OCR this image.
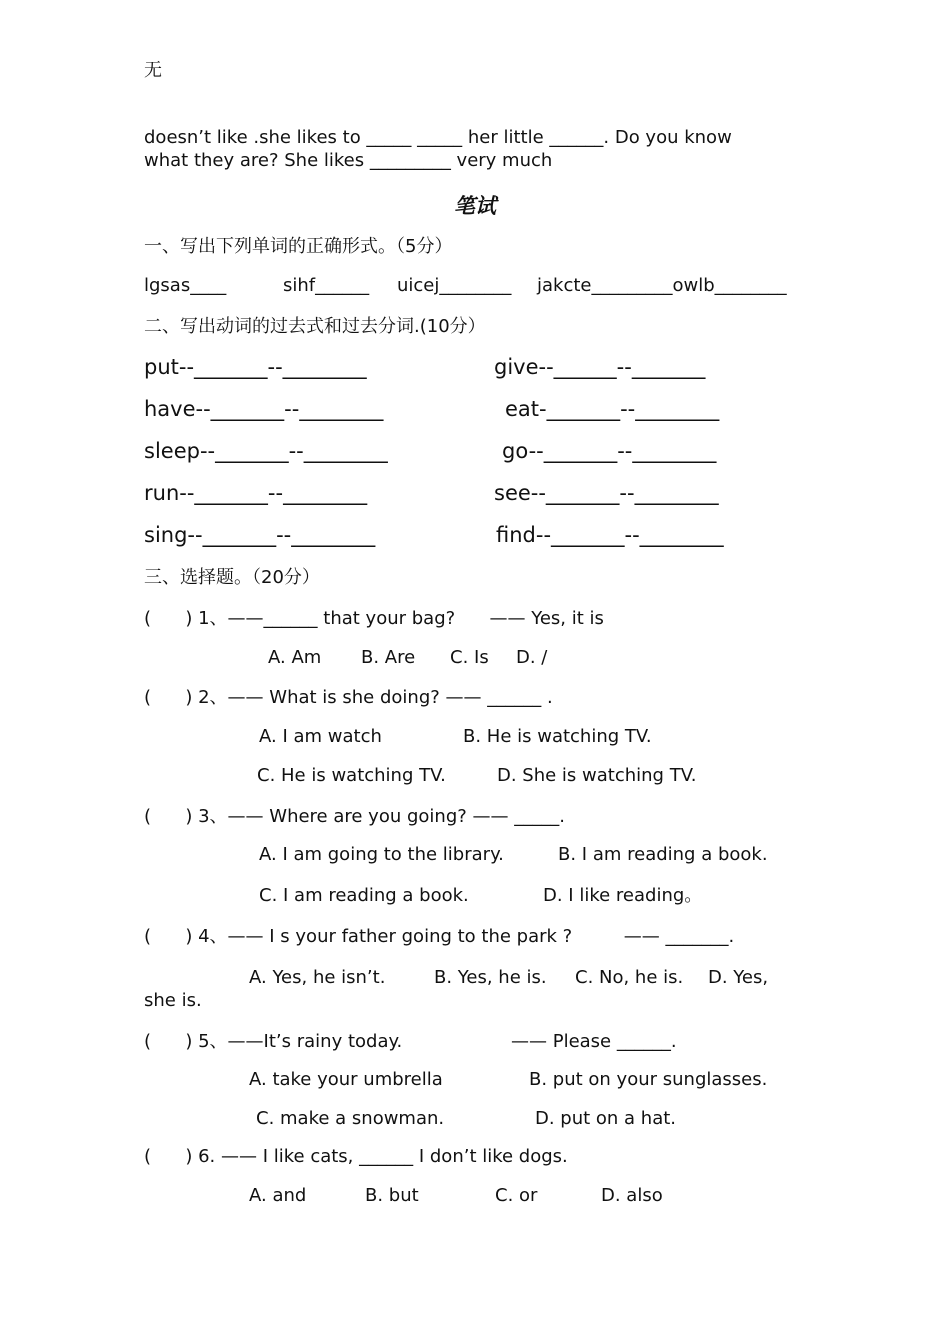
无
doesn’t like .she likes to _____ _____ her little ______. Do you know
what they are? She likes _________ very much
笔试
一、写出下列单词的正确形式。（5分）
lgsas____	sihf______ uicej________ jakcte_________owlb________
二、写出动词的过去式和过去分词.(10分）
put--_______--________	give--______--_______
have--_______--________	eat-_______--________
sleep--_______--________	go--_______--________
run--_______--________	see--_______--________
sing--_______--________	find--_______--________
三、选择题。（20分）
(      ) 1、——______ that your bag?      —— Yes, it is
A. Am B. Are C. Is D. /
(      ) 2、—— What is she doing? —— ______ .
A. I am watch	B. He is watching TV.
C. He is watching TV.	D. She is watching TV.
(      ) 3、—— Where are you going? —— _____.
A. I am going to the library.	B. I am reading a book.
C. I am reading a book.	D. I like reading。
(      ) 4、—— I s your father going to the park ?         —— _______.
A. Yes, he isn’t.	B. Yes, he is. C. No, he is. D. Yes,
she is.
(      ) 5、——It’s rainy today.                   —— Please ______.
A. take your umbrella	B. put on your sunglasses.
C. make a snowman.	D. put on a hat.
(      ) 6. —— I like cats, ______ I don’t like dogs.
A. and	B. but	C. or	D. also
